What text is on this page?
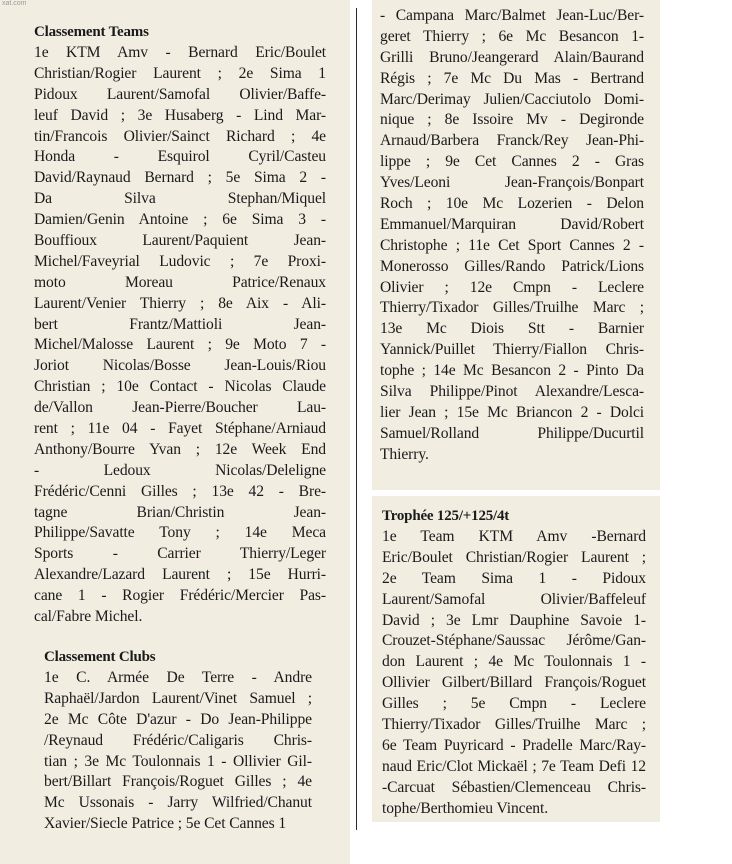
xat.com
Classement Teams
1e KTM Amv - Bernard Eric/Boulet
Christian/Rogier Laurent ; 2e Sima 1
Pidoux Laurent/Samofal Olivier/Baffe-
leuf David ; 3e Husaberg - Lind Mar-
tin/Francois Olivier/Sainct Richard ; 4e
Honda - Esquirol Cyril/Casteu
David/Raynaud Bernard ; 5e Sima 2 -
Da Silva Stephan/Miquel
Damien/Genin Antoine ; 6e Sima 3 -
Bouffioux Laurent/Paquient Jean-
Michel/Faveyrial Ludovic ; 7e Proxi-
moto Moreau Patrice/Renaux
Laurent/Venier Thierry ; 8e Aix - Ali-
bert Frantz/Mattioli Jean-
Michel/Malosse Laurent ; 9e Moto 7 -
Joriot Nicolas/Bosse Jean-Louis/Riou
Christian ; 10e Contact - Nicolas Claude
de/Vallon Jean-Pierre/Boucher Lau-
rent ; 11e 04 - Fayet Stéphane/Arniaud
Anthony/Bourre Yvan ; 12e Week End
- Ledoux Nicolas/Deleligne
Frédéric/Cenni Gilles ; 13e 42 - Bre-
tagne Brian/Christin Jean-
Philippe/Savatte Tony ; 14e Meca
Sports - Carrier Thierry/Leger
Alexandre/Lazard Laurent ; 15e Hurri-
cane 1 - Rogier Frédéric/Mercier Pas-
cal/Fabre Michel.
Classement Clubs
1e C. Armée De Terre - Andre
Raphaël/Jardon Laurent/Vinet Samuel ;
2e Mc Côte D'azur - Do Jean-Philippe
/Reynaud Frédéric/Caligaris Chris-
tian ; 3e Mc Toulonnais 1 - Ollivier Gil-
bert/Billart François/Roguet Gilles ; 4e
Mc Ussonais - Jarry Wilfried/Chanut
Xavier/Siecle Patrice ; 5e Cet Cannes 1
- Campana Marc/Balmet Jean-Luc/Ber-
geret Thierry ; 6e Mc Besancon 1-
Grilli Bruno/Jeangerard Alain/Baurand
Régis ; 7e Mc Du Mas - Bertrand
Marc/Derimay Julien/Cacciutolo Domi-
nique ; 8e Issoire Mv - Degironde
Arnaud/Barbera Franck/Rey Jean-Phi-
lippe ; 9e Cet Cannes 2 - Gras
Yves/Leoni Jean-François/Bonpart
Roch ; 10e Mc Lozerien - Delon
Emmanuel/Marquiran David/Robert
Christophe ; 11e Cet Sport Cannes 2 -
Monerosso Gilles/Rando Patrick/Lions
Olivier ; 12e Cmpn - Leclere
Thierry/Tixador Gilles/Truilhe Marc ;
13e Mc Diois Stt - Barnier
Yannick/Puillet Thierry/Fiallon Chris-
tophe ; 14e Mc Besancon 2 - Pinto Da
Silva Philippe/Pinot Alexandre/Lesca-
lier Jean ; 15e Mc Briancon 2 - Dolci
Samuel/Rolland Philippe/Ducurtil
Thierry.
Trophée 125/+125/4t
1e Team KTM Amv -Bernard
Eric/Boulet Christian/Rogier Laurent ;
2e Team Sima 1 - Pidoux
Laurent/Samofal Olivier/Baffeleuf
David ; 3e Lmr Dauphine Savoie 1-
Crouzet-Stéphane/Saussac Jérôme/Gan-
don Laurent ; 4e Mc Toulonnais 1 -
Ollivier Gilbert/Billard François/Roguet
Gilles ; 5e Cmpn - Leclere
Thierry/Tixador Gilles/Truilhe Marc ;
6e Team Puyricard - Pradelle Marc/Ray-
naud Eric/Clot Mickaël ; 7e Team Defi 12
-Carcuat Sébastien/Clemenceau Chris-
tophe/Berthomieu Vincent.
